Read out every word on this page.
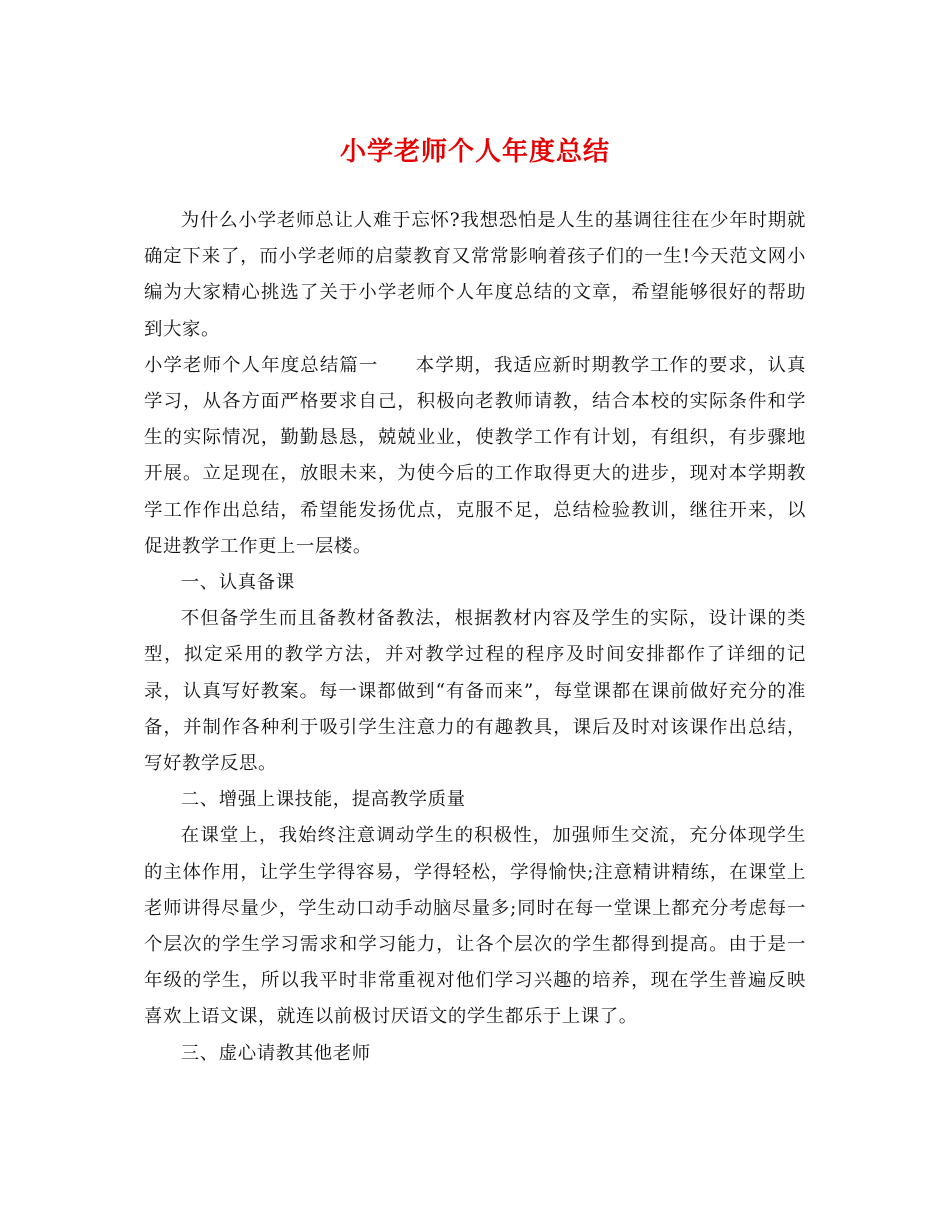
小学老师个人年度总结

为什么小学老师总让人难于忘怀?我想恐怕是人生的基调往往在少年时期就确定下来了，而小学老师的启蒙教育又常常影响着孩子们的一生!今天范文网小编为大家精心挑选了关于小学老师个人年度总结的文章，希望能够很好的帮助到大家。

小学老师个人年度总结篇一 本学期，我适应新时期教学工作的要求，认真学习，从各方面严格要求自己，积极向老教师请教，结合本校的实际条件和学生的实际情况，勤勤恳恳，兢兢业业，使教学工作有计划，有组织，有步骤地开展。立足现在，放眼未来，为使今后的工作取得更大的进步，现对本学期教学工作作出总结，希望能发扬优点，克服不足，总结检验教训，继往开来，以促进教学工作更上一层楼。

一、认真备课

不但备学生而且备教材备教法，根据教材内容及学生的实际，设计课的类型，拟定采用的教学方法，并对教学过程的程序及时间安排都作了详细的记录，认真写好教案。每一课都做到“有备而来”，每堂课都在课前做好充分的准备，并制作各种利于吸引学生注意力的有趣教具，课后及时对该课作出总结，写好教学反思。

二、增强上课技能，提高教学质量

在课堂上，我始终注意调动学生的积极性，加强师生交流，充分体现学生的主体作用，让学生学得容易，学得轻松，学得愉快;注意精讲精练，在课堂上老师讲得尽量少，学生动口动手动脑尽量多;同时在每一堂课上都充分考虑每一个层次的学生学习需求和学习能力，让各个层次的学生都得到提高。由于是一年级的学生，所以我平时非常重视对他们学习兴趣的培养，现在学生普遍反映喜欢上语文课，就连以前极讨厌语文的学生都乐于上课了。

三、虚心请教其他老师
